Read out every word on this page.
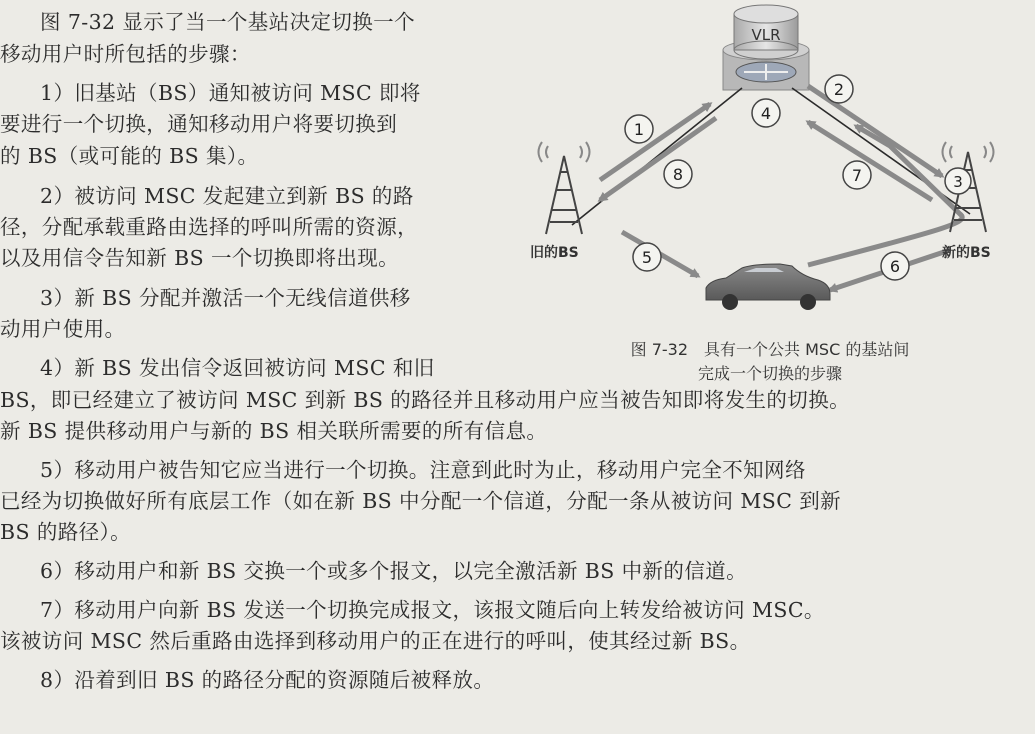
图 7-32 显示了当一个基站决定切换一个
移动用户时所包括的步骤：
1）旧基站（BS）通知被访问 MSC 即将
要进行一个切换，通知移动用户将要切换到
的 BS（或可能的 BS 集）。
2）被访问 MSC 发起建立到新 BS 的路
径，分配承载重路由选择的呼叫所需的资源，
以及用信令告知新 BS 一个切换即将出现。
3）新 BS 分配并激活一个无线信道供移
动用户使用。
4）新 BS 发出信令返回被访问 MSC 和旧
BS，即已经建立了被访问 MSC 到新 BS 的路径并且移动用户应当被告知即将发生的切换。
新 BS 提供移动用户与新的 BS 相关联所需要的所有信息。
5）移动用户被告知它应当进行一个切换。注意到此时为止，移动用户完全不知网络
已经为切换做好所有底层工作（如在新 BS 中分配一个信道，分配一条从被访问 MSC 到新
BS 的路径）。
6）移动用户和新 BS 交换一个或多个报文，以完全激活新 BS 中新的信道。
7）移动用户向新 BS 发送一个切换完成报文，该报文随后向上转发给被访问 MSC。
该被访问 MSC 然后重路由选择到移动用户的正在进行的呼叫，使其经过新 BS。
8）沿着到旧 BS 的路径分配的资源随后被释放。
VLR
旧的BS	新的BS
1
2
3
4
5	6
7
8
图 7-32　具有一个公共 MSC 的基站间
完成一个切换的步骤
